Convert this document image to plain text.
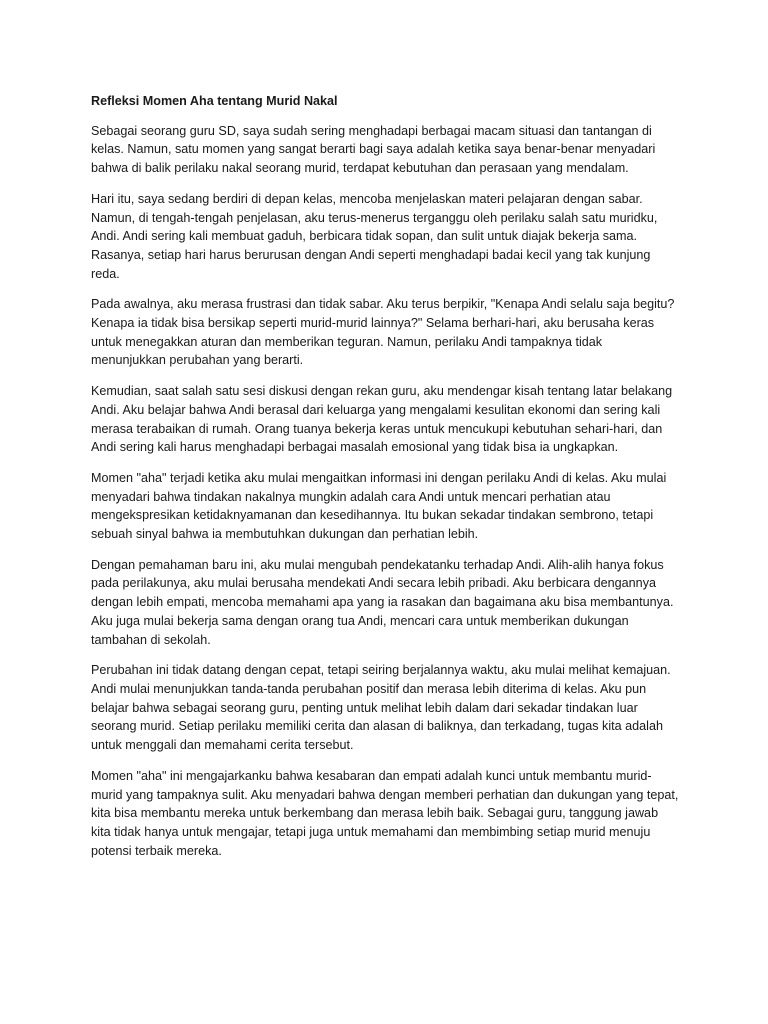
Refleksi Momen Aha tentang Murid Nakal

Sebagai seorang guru SD, saya sudah sering menghadapi berbagai macam situasi dan tantangan di kelas. Namun, satu momen yang sangat berarti bagi saya adalah ketika saya benar-benar menyadari bahwa di balik perilaku nakal seorang murid, terdapat kebutuhan dan perasaan yang mendalam.

Hari itu, saya sedang berdiri di depan kelas, mencoba menjelaskan materi pelajaran dengan sabar. Namun, di tengah-tengah penjelasan, aku terus-menerus terganggu oleh perilaku salah satu muridku, Andi. Andi sering kali membuat gaduh, berbicara tidak sopan, dan sulit untuk diajak bekerja sama. Rasanya, setiap hari harus berurusan dengan Andi seperti menghadapi badai kecil yang tak kunjung reda.

Pada awalnya, aku merasa frustrasi dan tidak sabar. Aku terus berpikir, "Kenapa Andi selalu saja begitu? Kenapa ia tidak bisa bersikap seperti murid-murid lainnya?" Selama berhari-hari, aku berusaha keras untuk menegakkan aturan dan memberikan teguran. Namun, perilaku Andi tampaknya tidak menunjukkan perubahan yang berarti.

Kemudian, saat salah satu sesi diskusi dengan rekan guru, aku mendengar kisah tentang latar belakang Andi. Aku belajar bahwa Andi berasal dari keluarga yang mengalami kesulitan ekonomi dan sering kali merasa terabaikan di rumah. Orang tuanya bekerja keras untuk mencukupi kebutuhan sehari-hari, dan Andi sering kali harus menghadapi berbagai masalah emosional yang tidak bisa ia ungkapkan.

Momen "aha" terjadi ketika aku mulai mengaitkan informasi ini dengan perilaku Andi di kelas. Aku mulai menyadari bahwa tindakan nakalnya mungkin adalah cara Andi untuk mencari perhatian atau mengekspresikan ketidaknyamanan dan kesedihannya. Itu bukan sekadar tindakan sembrono, tetapi sebuah sinyal bahwa ia membutuhkan dukungan dan perhatian lebih.

Dengan pemahaman baru ini, aku mulai mengubah pendekatanku terhadap Andi. Alih-alih hanya fokus pada perilakunya, aku mulai berusaha mendekati Andi secara lebih pribadi. Aku berbicara dengannya dengan lebih empati, mencoba memahami apa yang ia rasakan dan bagaimana aku bisa membantunya. Aku juga mulai bekerja sama dengan orang tua Andi, mencari cara untuk memberikan dukungan tambahan di sekolah.

Perubahan ini tidak datang dengan cepat, tetapi seiring berjalannya waktu, aku mulai melihat kemajuan. Andi mulai menunjukkan tanda-tanda perubahan positif dan merasa lebih diterima di kelas. Aku pun belajar bahwa sebagai seorang guru, penting untuk melihat lebih dalam dari sekadar tindakan luar seorang murid. Setiap perilaku memiliki cerita dan alasan di baliknya, dan terkadang, tugas kita adalah untuk menggali dan memahami cerita tersebut.

Momen "aha" ini mengajarkanku bahwa kesabaran dan empati adalah kunci untuk membantu murid-murid yang tampaknya sulit. Aku menyadari bahwa dengan memberi perhatian dan dukungan yang tepat, kita bisa membantu mereka untuk berkembang dan merasa lebih baik. Sebagai guru, tanggung jawab kita tidak hanya untuk mengajar, tetapi juga untuk memahami dan membimbing setiap murid menuju potensi terbaik mereka.
